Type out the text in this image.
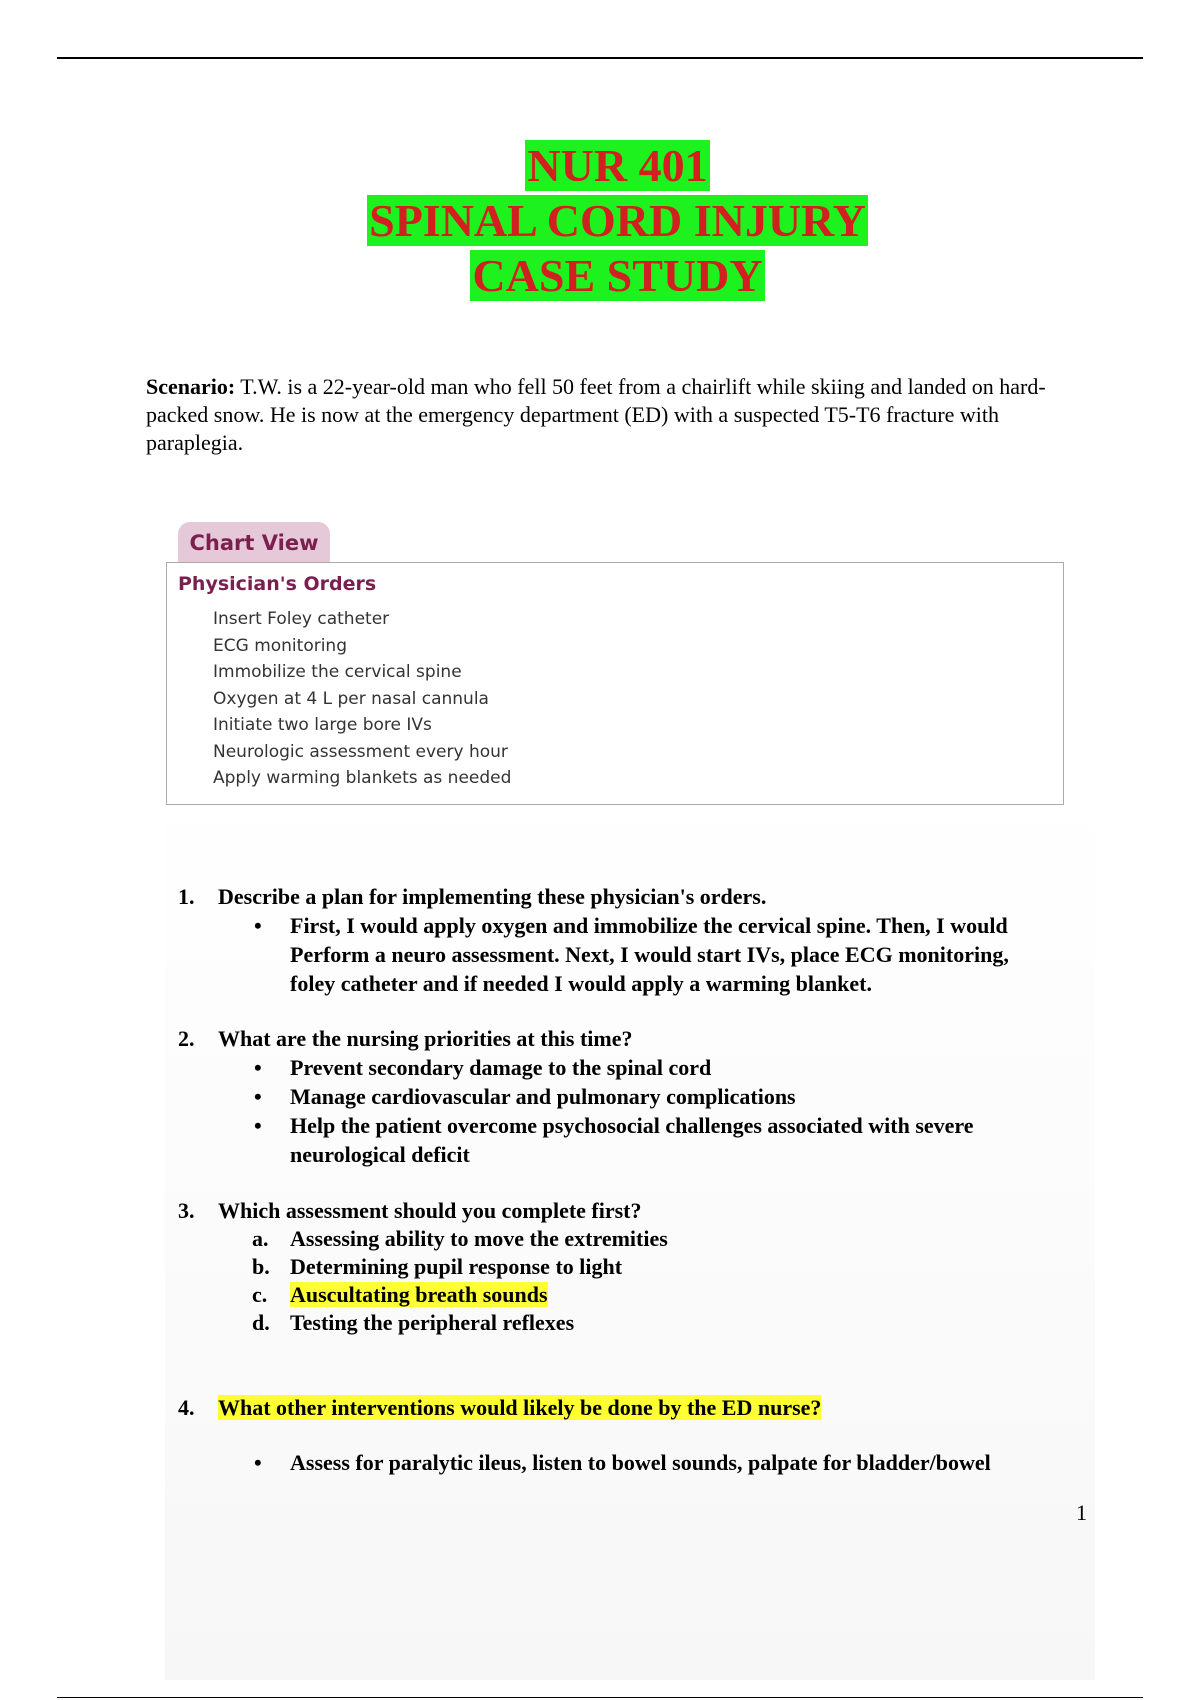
NUR 401
SPINAL CORD INJURY
CASE STUDY
Scenario: T.W. is a 22-year-old man who fell 50 feet from a chairlift while skiing and landed on hard-packed snow. He is now at the emergency department (ED) with a suspected T5-T6 fracture with paraplegia.
Chart View
Physician's Orders
Insert Foley catheter
ECG monitoring
Immobilize the cervical spine
Oxygen at 4 L per nasal cannula
Initiate two large bore IVs
Neurologic assessment every hour
Apply warming blankets as needed
1. Describe a plan for implementing these physician's orders.
• First, I would apply oxygen and immobilize the cervical spine. Then, I would
Perform a neuro assessment. Next, I would start IVs, place ECG monitoring,
foley catheter and if needed I would apply a warming blanket.
2. What are the nursing priorities at this time?
• Prevent secondary damage to the spinal cord
• Manage cardiovascular and pulmonary complications
• Help the patient overcome psychosocial challenges associated with severe
neurological deficit
3. Which assessment should you complete first?
a. Assessing ability to move the extremities
b. Determining pupil response to light
c. Auscultating breath sounds
d. Testing the peripheral reflexes
4. What other interventions would likely be done by the ED nurse?
• Assess for paralytic ileus, listen to bowel sounds, palpate for bladder/bowel
1
